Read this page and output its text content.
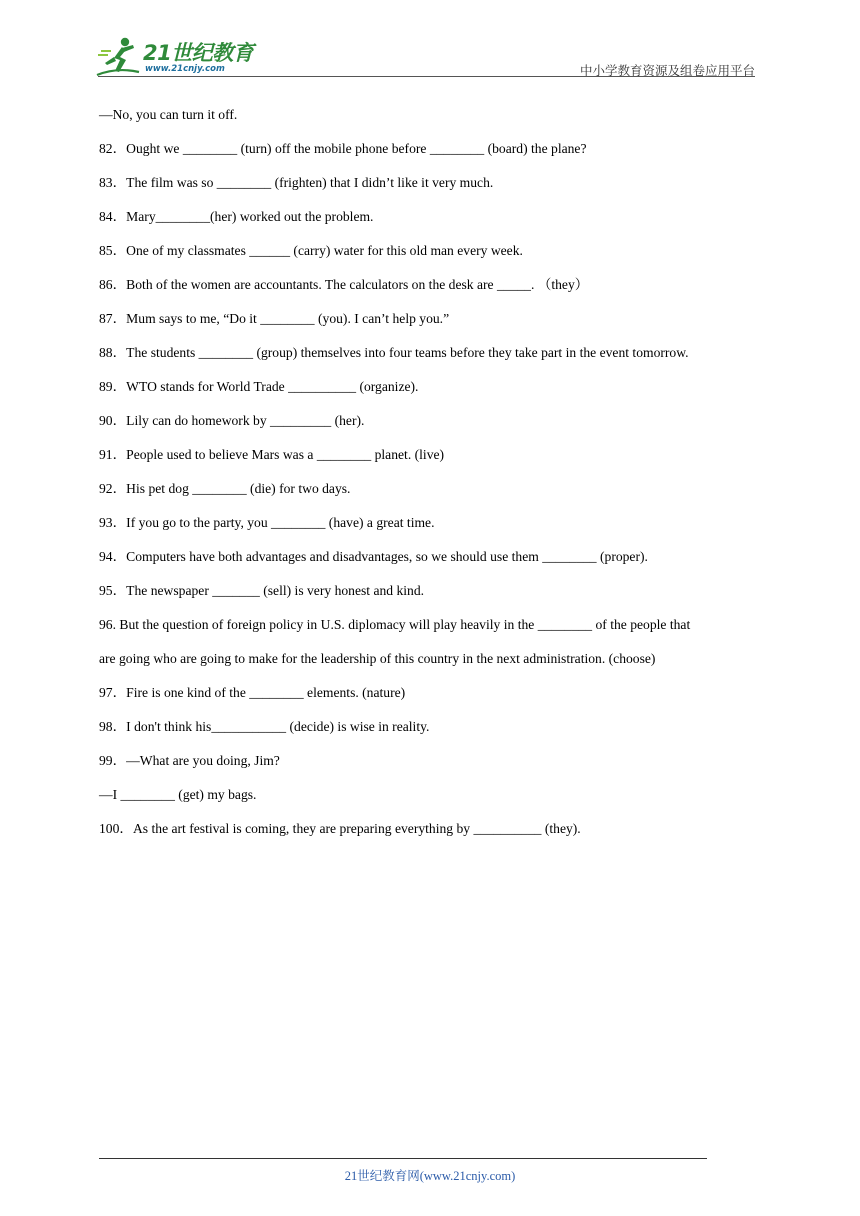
21世纪教育
www.21cnjy.com	中小学教育资源及组卷应用平台
—No, you can turn it off.
82．Ought we ________ (turn) off the mobile phone before ________ (board) the plane?
83．The film was so ________ (frighten) that I didn’t like it very much.
84．Mary________(her) worked out the problem.
85．One of my classmates ______ (carry) water for this old man every week.
86．Both of the women are accountants. The calculators on the desk are _____. （they）
87．Mum says to me, “Do it ________ (you). I can’t help you.”
88．The students ________ (group) themselves into four teams before they take part in the event tomorrow.
89．WTO stands for World Trade __________ (organize).
90．Lily can do homework by _________ (her).
91．People used to believe Mars was a ________ planet. (live)
92．His pet dog ________ (die) for two days.
93．If you go to the party, you ________ (have) a great time.
94．Computers have both advantages and disadvantages, so we should use them ________ (proper).
95．The newspaper _______ (sell) is very honest and kind.
96. But the question of foreign policy in U.S. diplomacy will play heavily in the ________ of the people that
are going who are going to make for the leadership of this country in the next administration. (choose)
97．Fire is one kind of the ________ elements. (nature)
98．I don't think his___________ (decide) is wise in reality.
99．—What are you doing, Jim?
—I ________ (get) my bags.
100．As the art festival is coming, they are preparing everything by __________ (they).
21世纪教育网(www.21cnjy.com)
